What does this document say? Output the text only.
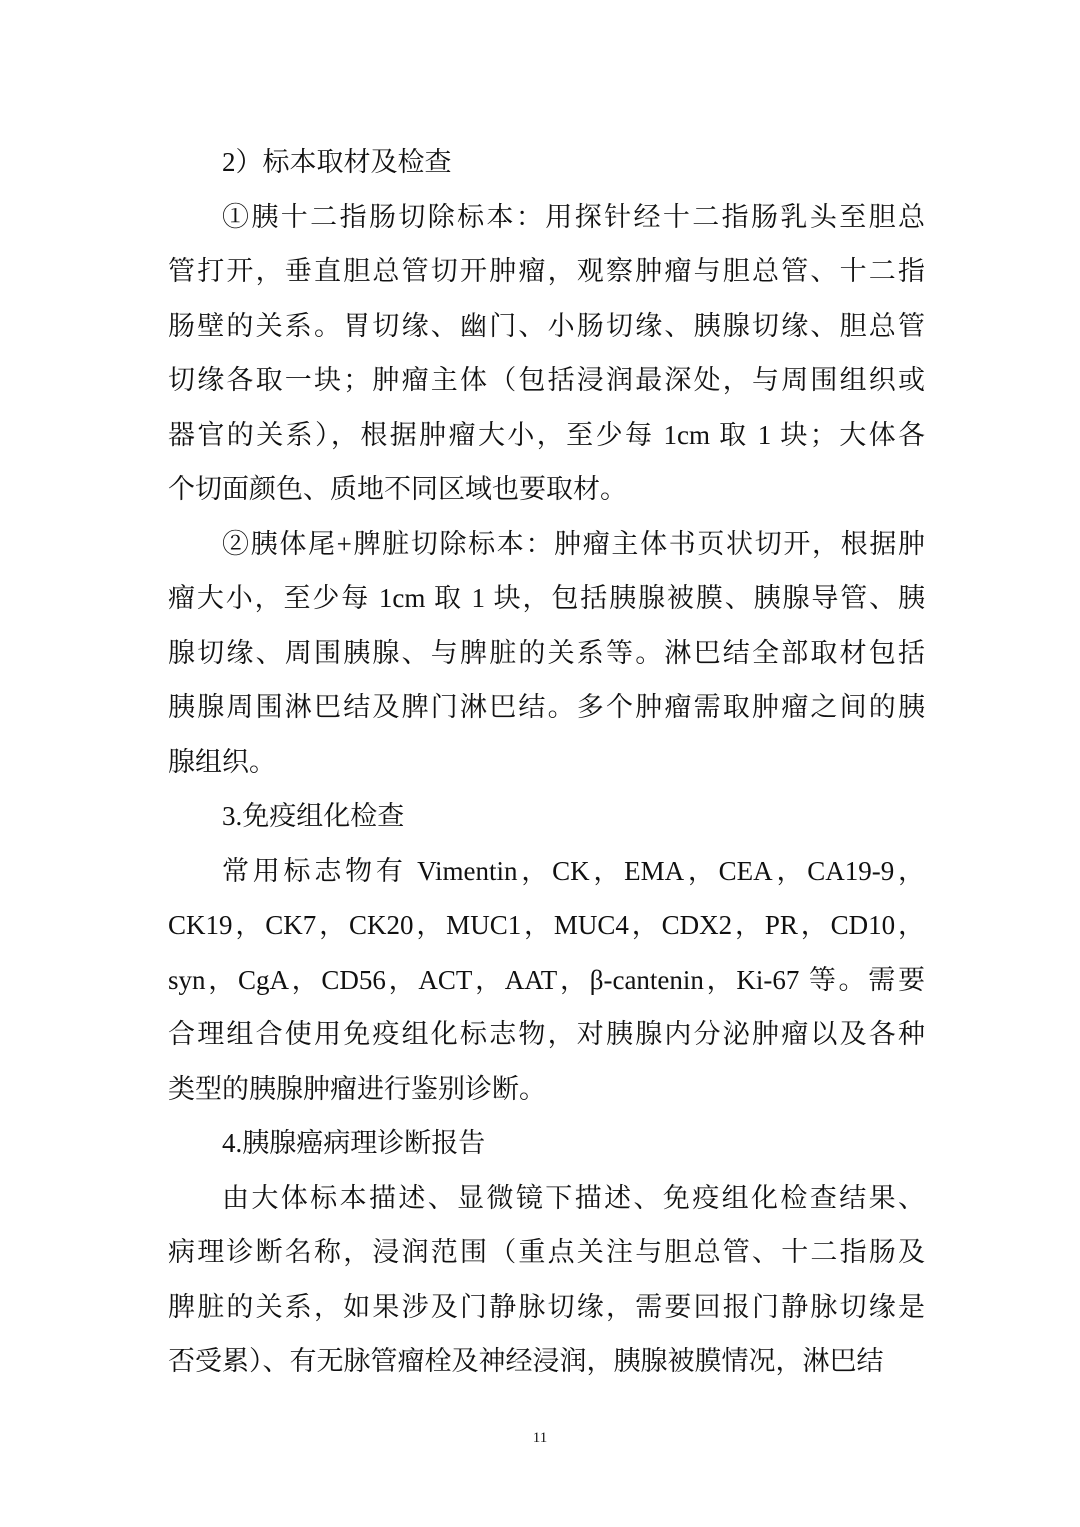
2）标本取材及检查
①胰十二指肠切除标本：用探针经十二指肠乳头至胆总
管打开，垂直胆总管切开肿瘤，观察肿瘤与胆总管、十二指
肠壁的关系。胃切缘、幽门、小肠切缘、胰腺切缘、胆总管
切缘各取一块；肿瘤主体（包括浸润最深处，与周围组织或
器官的关系），根据肿瘤大小，至少每 1cm 取 1 块；大体各
个切面颜色、质地不同区域也要取材。
②胰体尾+脾脏切除标本：肿瘤主体书页状切开，根据肿
瘤大小，至少每 1cm 取 1 块，包括胰腺被膜、胰腺导管、胰
腺切缘、周围胰腺、与脾脏的关系等。淋巴结全部取材包括
胰腺周围淋巴结及脾门淋巴结。多个肿瘤需取肿瘤之间的胰
腺组织。
3.免疫组化检查
常用标志物有 Vimentin，CK，EMA，CEA，CA19-9，
CK19，CK7，CK20，MUC1，MUC4，CDX2，PR，CD10，
syn，CgA，CD56，ACT，AAT，β-cantenin，Ki-67 等。需要
合理组合使用免疫组化标志物，对胰腺内分泌肿瘤以及各种
类型的胰腺肿瘤进行鉴别诊断。
4.胰腺癌病理诊断报告
由大体标本描述、显微镜下描述、免疫组化检查结果、
病理诊断名称，浸润范围（重点关注与胆总管、十二指肠及
脾脏的关系，如果涉及门静脉切缘，需要回报门静脉切缘是
否受累）、有无脉管瘤栓及神经浸润，胰腺被膜情况，淋巴结
11
